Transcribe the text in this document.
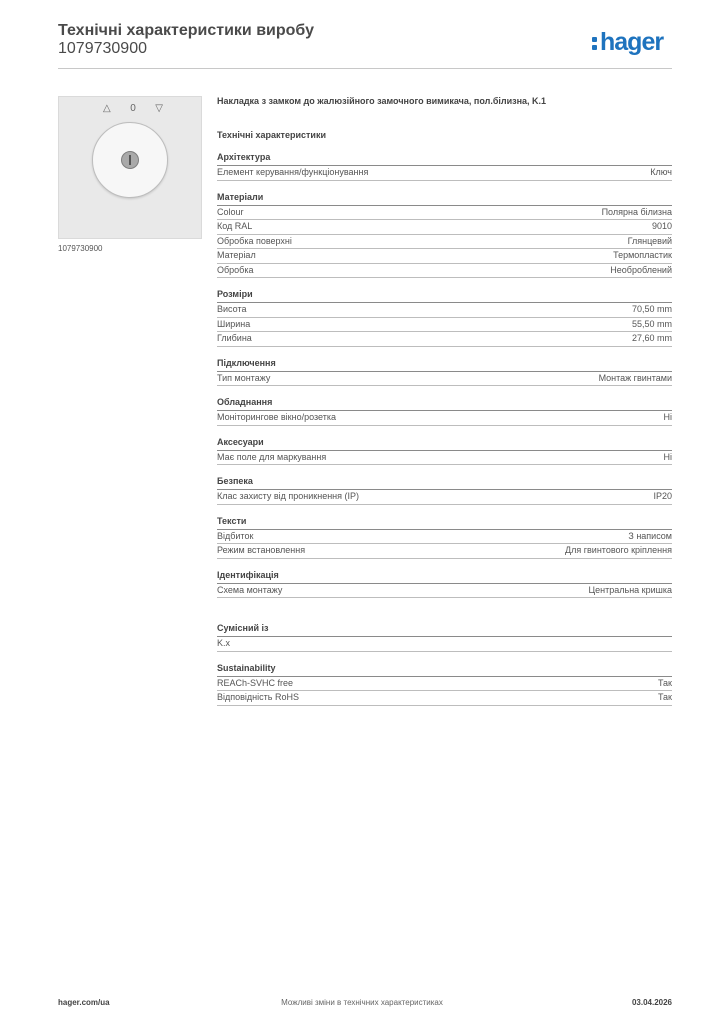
Технічні характеристики виробу
1079730900	hager
△ 0 ▽
1079730900
Накладка з замком до жалюзійного замочного вимикача, пол.білизна, K.1
Технічні характеристики
Архітектура
Елемент керування/функціонування	Ключ
Матеріали
Colour	Полярна білизна
Код RAL	9010
Обробка поверхні	Глянцевий
Матеріал	Термопластик
Обробка	Необроблений
Розміри
Висота	70,50 mm
Ширина	55,50 mm
Глибина	27,60 mm
Підключення
Тип монтажу	Монтаж гвинтами
Обладнання
Моніторингове вікно/розетка	Ні
Аксесуари
Має поле для маркування	Ні
Безпека
Клас захисту від проникнення (IP)	IP20
Тексти
Відбиток	З написом
Режим встановлення	Для гвинтового кріплення
Ідентифікація
Схема монтажу	Центральна кришка
Сумісний із
K.x
Sustainability
REACh-SVHC free	Так
Відповідність RoHS	Так
hager.com/ua	Можливі зміни в технічних характеристиках	03.04.2026
